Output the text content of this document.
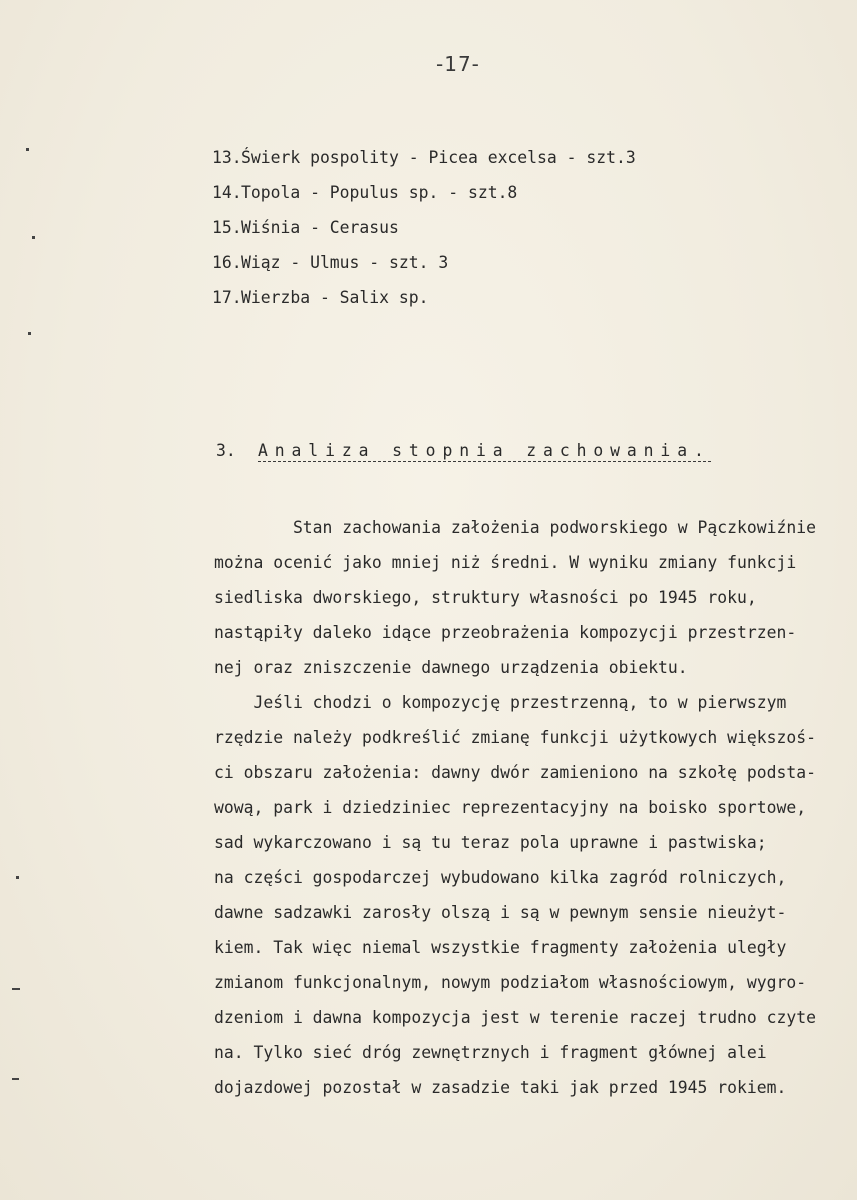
-17-
13.Świerk pospolity - Picea excelsa - szt.3
14.Topola - Populus sp. - szt.8
15.Wiśnia - Cerasus
16.Wiąz - Ulmus - szt. 3
17.Wierzba - Salix sp.
3. Analiza stopnia zachowania.
Stan zachowania założenia podworskiego w Pączkowiźnie
można ocenić jako mniej niż średni. W wyniku zmiany funkcji
siedliska dworskiego, struktury własności po 1945 roku,
nastąpiły daleko idące przeobrażenia kompozycji przestrzen-
nej oraz zniszczenie dawnego urządzenia obiektu.
Jeśli chodzi o kompozycję przestrzenną, to w pierwszym
rzędzie należy podkreślić zmianę funkcji użytkowych większoś-
ci obszaru założenia: dawny dwór zamieniono na szkołę podsta-
wową, park i dziedziniec reprezentacyjny na boisko sportowe,
sad wykarczowano i są tu teraz pola uprawne i pastwiska;
na części gospodarczej wybudowano kilka zagród rolniczych,
dawne sadzawki zarosły olszą i są w pewnym sensie nieużyt-
kiem. Tak więc niemal wszystkie fragmenty założenia uległy
zmianom funkcjonalnym, nowym podziałom własnościowym, wygro-
dzeniom i dawna kompozycja jest w terenie raczej trudno czyte
na. Tylko sieć dróg zewnętrznych i fragment głównej alei
dojazdowej pozostał w zasadzie taki jak przed 1945 rokiem.
